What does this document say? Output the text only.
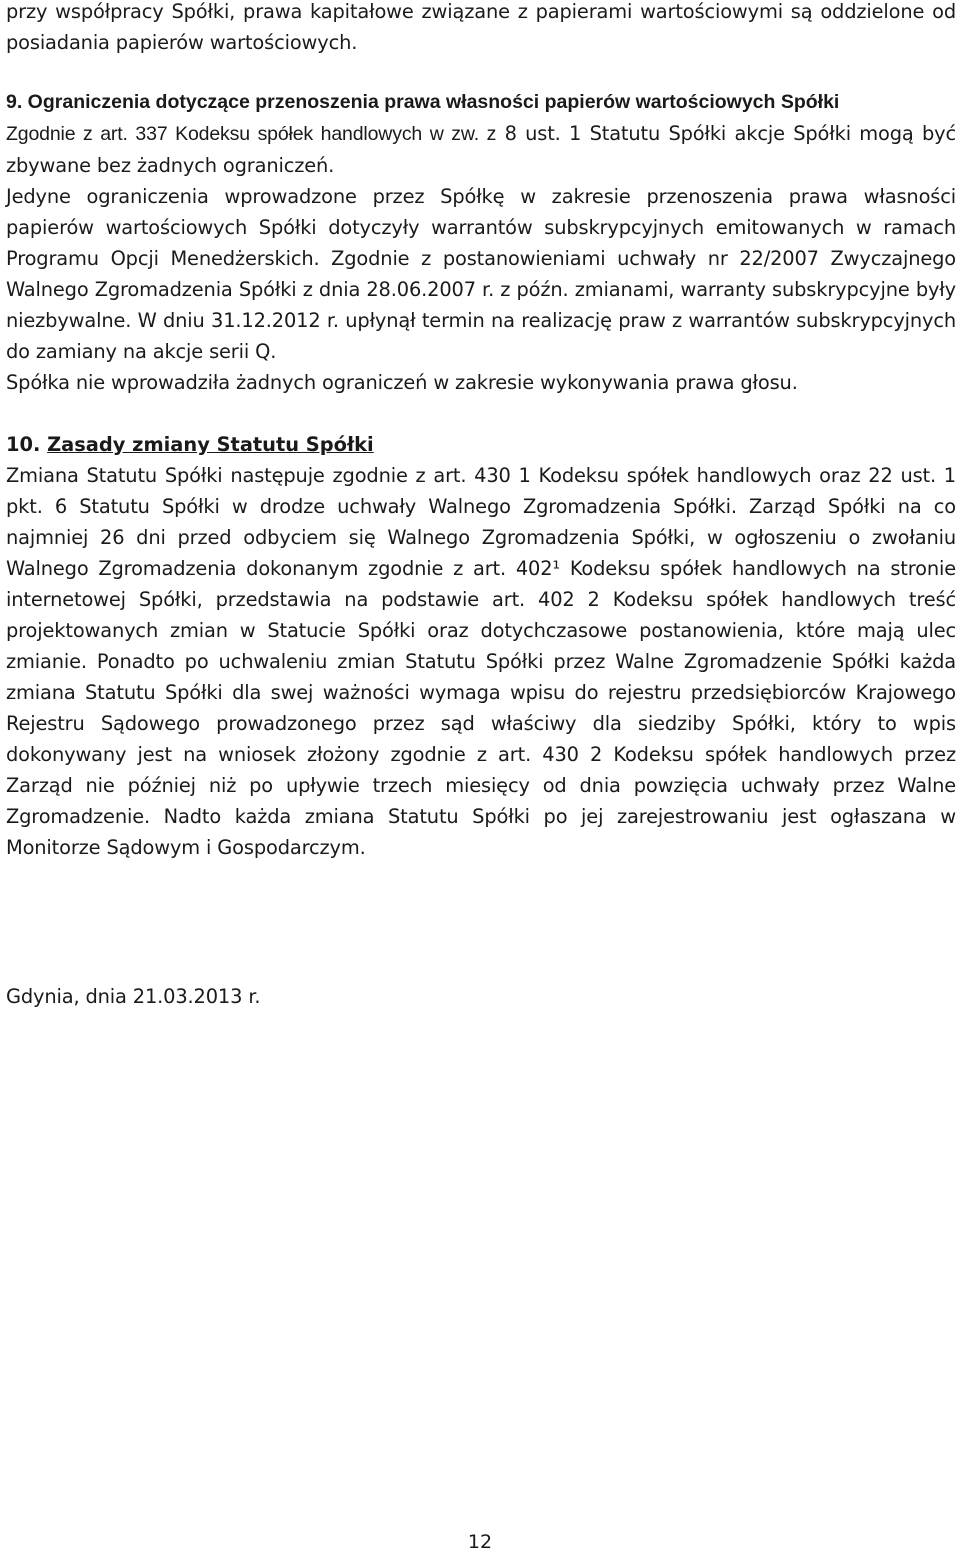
przy współpracy Spółki, prawa kapitałowe związane z papierami wartościowymi są oddzielone od posiadania papierów wartościowych.

9. Ograniczenia dotyczące przenoszenia prawa własności papierów wartościowych Spółki

Zgodnie z art. 337 Kodeksu spółek handlowych w zw. z 8 ust. 1 Statutu Spółki akcje Spółki mogą być zbywane bez żadnych ograniczeń.

Jedyne ograniczenia wprowadzone przez Spółkę w zakresie przenoszenia prawa własności papierów wartościowych Spółki dotyczyły warrantów subskrypcyjnych emitowanych w ramach Programu Opcji Menedżerskich. Zgodnie z postanowieniami uchwały nr 22/2007 Zwyczajnego Walnego Zgromadzenia Spółki z dnia 28.06.2007 r. z późn. zmianami, warranty subskrypcyjne były niezbywalne. W dniu 31.12.2012 r. upłynął termin na realizację praw z warrantów subskrypcyjnych do zamiany na akcje serii Q.

Spółka nie wprowadziła żadnych ograniczeń w zakresie wykonywania prawa głosu.

10. Zasady zmiany Statutu Spółki

Zmiana Statutu Spółki następuje zgodnie z art. 430 1 Kodeksu spółek handlowych oraz 22 ust. 1 pkt. 6 Statutu Spółki w drodze uchwały Walnego Zgromadzenia Spółki. Zarząd Spółki na co najmniej 26 dni przed odbyciem się Walnego Zgromadzenia Spółki, w ogłoszeniu o zwołaniu Walnego Zgromadzenia dokonanym zgodnie z art. 402¹ Kodeksu spółek handlowych na stronie internetowej Spółki, przedstawia na podstawie art. 402 2 Kodeksu spółek handlowych treść projektowanych zmian w Statucie Spółki oraz dotychczasowe postanowienia, które mają ulec zmianie. Ponadto po uchwaleniu zmian Statutu Spółki przez Walne Zgromadzenie Spółki każda zmiana Statutu Spółki dla swej ważności wymaga wpisu do rejestru przedsiębiorców Krajowego Rejestru Sądowego prowadzonego przez sąd właściwy dla siedziby Spółki, który to wpis dokonywany jest na wniosek złożony zgodnie z art. 430 2 Kodeksu spółek handlowych przez Zarząd nie później niż po upływie trzech miesięcy od dnia powzięcia uchwały przez Walne Zgromadzenie. Nadto każda zmiana Statutu Spółki po jej zarejestrowaniu jest ogłaszana w Monitorze Sądowym i Gospodarczym.

Gdynia, dnia 21.03.2013 r.

12
